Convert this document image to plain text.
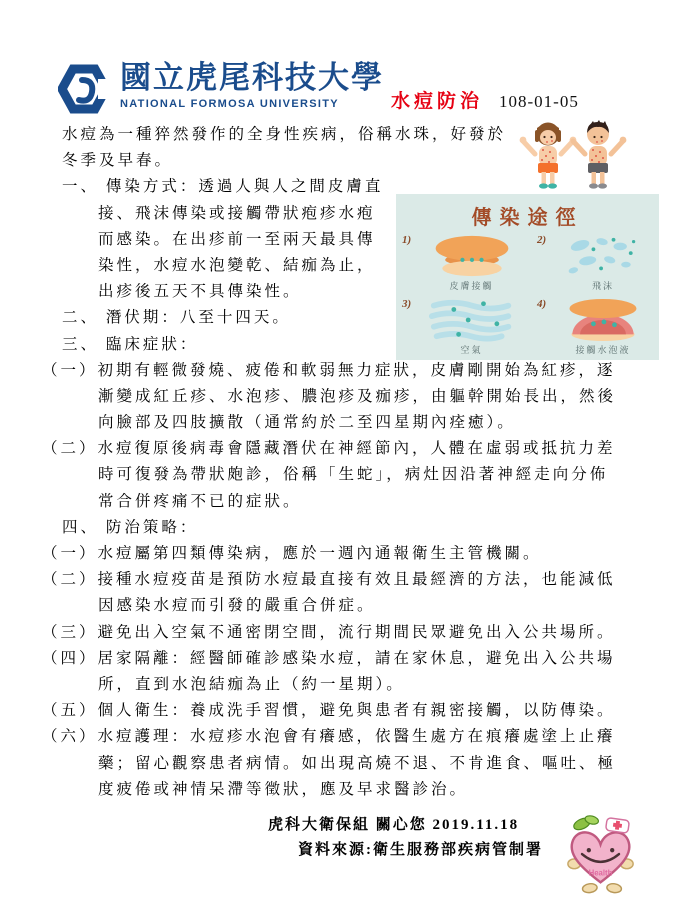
國立虎尾科技大學
NATIONAL FORMOSA UNIVERSITY	水痘防治 108-01-05
傳染途徑
1)
皮膚接觸
2)
飛沫
3)
空氣
4)
接觸水泡液
水痘為一種猝然發作的全身性疾病，俗稱水珠，好發於
冬季及早春。
一、 傳染方式：透過人與人之間皮膚直
接、飛沫傳染或接觸帶狀疱疹水疱
而感染。在出疹前一至兩天最具傳
染性，水痘水泡變乾、結痂為止，
出疹後五天不具傳染性。
二、 潛伏期：八至十四天。
三、 臨床症狀：
（一）初期有輕微發燒、疲倦和軟弱無力症狀，皮膚剛開始為紅疹，逐
漸變成紅丘疹、水泡疹、膿泡疹及痂疹，由軀幹開始長出，然後
向臉部及四肢擴散（通常約於二至四星期內痊癒）。
（二）水痘復原後病毒會隱藏潛伏在神經節內，人體在虛弱或抵抗力差
時可復發為帶狀皰診，俗稱「生蛇」，病灶因沿著神經走向分佈
常合併疼痛不已的症狀。
四、 防治策略：
（一）水痘屬第四類傳染病，應於一週內通報衛生主管機關。
（二）接種水痘疫苗是預防水痘最直接有效且最經濟的方法，也能減低
因感染水痘而引發的嚴重合併症。
（三）避免出入空氣不通密閉空間，流行期間民眾避免出入公共場所。
（四）居家隔離：經醫師確診感染水痘，請在家休息，避免出入公共場
所，直到水泡結痂為止（約一星期）。
（五）個人衛生：養成洗手習慣，避免與患者有親密接觸，以防傳染。
（六）水痘護理：水痘疹水泡會有癢感，依醫生處方在痕癢處塗上止癢
藥；留心觀察患者病情。如出現高燒不退、不肯進食、嘔吐、極
度疲倦或神情呆滯等徵狀，應及早求醫診治。
虎科大衛保組 關心您 2019.11.18
資料來源:衛生服務部疾病管制署
Health
